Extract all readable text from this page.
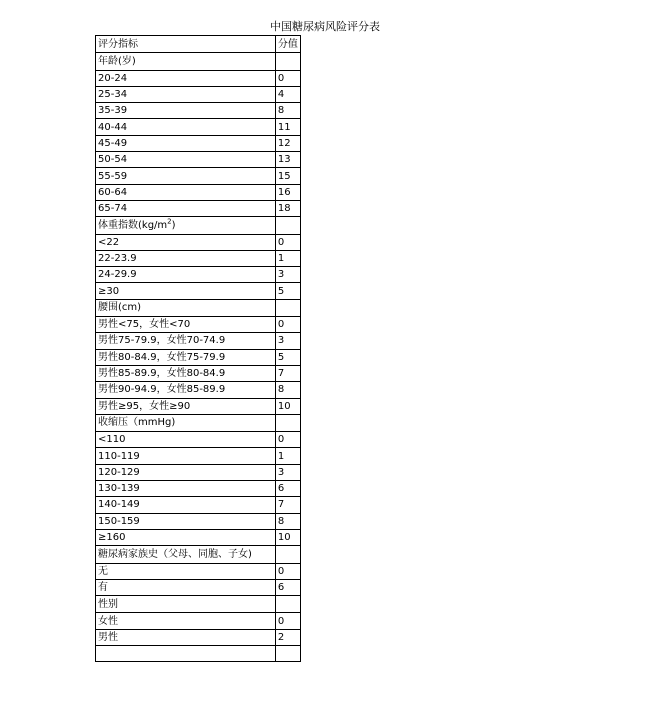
中国糖尿病风险评分表
评分指标	分值
年龄(岁)	
20-24	0
25-34	4
35-39	8
40-44	11
45-49	12
50-54	13
55-59	15
60-64	16
65-74	18
体重指数$(kg/m^2)$	
<22	0
22-23.9	1
24-29.9	3
≥30	5
腰围(cm)	
男性<75，女性<70	0
男性75-79.9，女性70-74.9	3
男性80-84.9，女性75-79.9	5
男性85-89.9，女性80-84.9	7
男性90-94.9，女性85-89.9	8
男性≥95，女性≥90	10
收缩压（mmHg)	
<110	0
110-119	1
120-129	3
130-139	6
140-149	7
150-159	8
≥160	10
糖尿病家族史（父母、同胞、子女)	
无	0
有	6
性别	
女性	0
男性	2
